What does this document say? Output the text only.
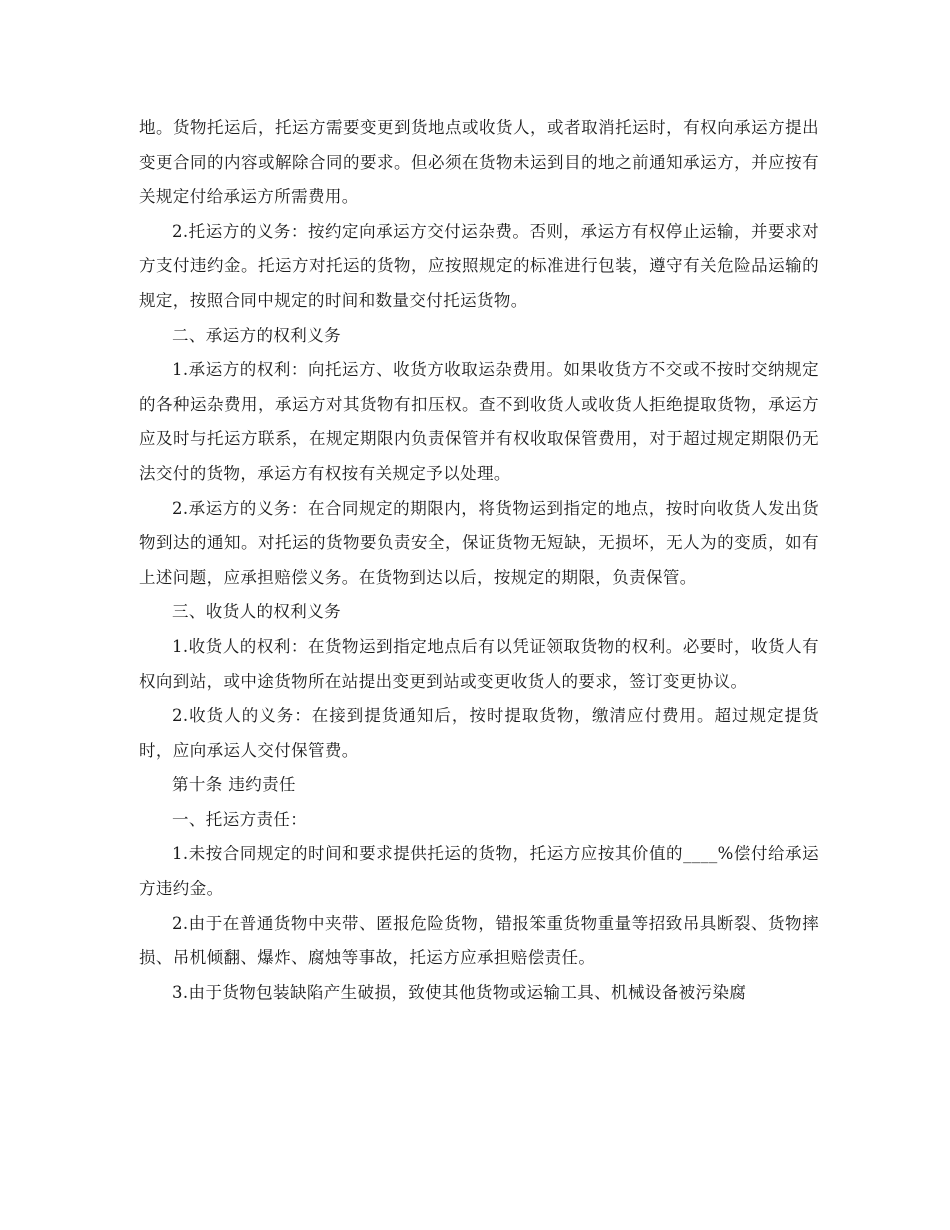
地。货物托运后，托运方需要变更到货地点或收货人，或者取消托运时，有权向承运方提出变更合同的内容或解除合同的要求。但必须在货物未运到目的地之前通知承运方，并应按有关规定付给承运方所需费用。

2.托运方的义务：按约定向承运方交付运杂费。否则，承运方有权停止运输，并要求对方支付违约金。托运方对托运的货物，应按照规定的标准进行包装，遵守有关危险品运输的规定，按照合同中规定的时间和数量交付托运货物。

二、承运方的权利义务

1.承运方的权利：向托运方、收货方收取运杂费用。如果收货方不交或不按时交纳规定的各种运杂费用，承运方对其货物有扣压权。查不到收货人或收货人拒绝提取货物，承运方应及时与托运方联系，在规定期限内负责保管并有权收取保管费用，对于超过规定期限仍无法交付的货物，承运方有权按有关规定予以处理。

2.承运方的义务：在合同规定的期限内，将货物运到指定的地点，按时向收货人发出货物到达的通知。对托运的货物要负责安全，保证货物无短缺，无损坏，无人为的变质，如有上述问题，应承担赔偿义务。在货物到达以后，按规定的期限，负责保管。

三、收货人的权利义务

1.收货人的权利：在货物运到指定地点后有以凭证领取货物的权利。必要时，收货人有权向到站，或中途货物所在站提出变更到站或变更收货人的要求，签订变更协议。

2.收货人的义务：在接到提货通知后，按时提取货物，缴清应付费用。超过规定提货时，应向承运人交付保管费。

第十条 违约责任

一、托运方责任：

1.未按合同规定的时间和要求提供托运的货物，托运方应按其价值的____%偿付给承运方违约金。

2.由于在普通货物中夹带、匿报危险货物，错报笨重货物重量等招致吊具断裂、货物摔损、吊机倾翻、爆炸、腐烛等事故，托运方应承担赔偿责任。

3.由于货物包装缺陷产生破损，致使其他货物或运输工具、机械设备被污染腐
